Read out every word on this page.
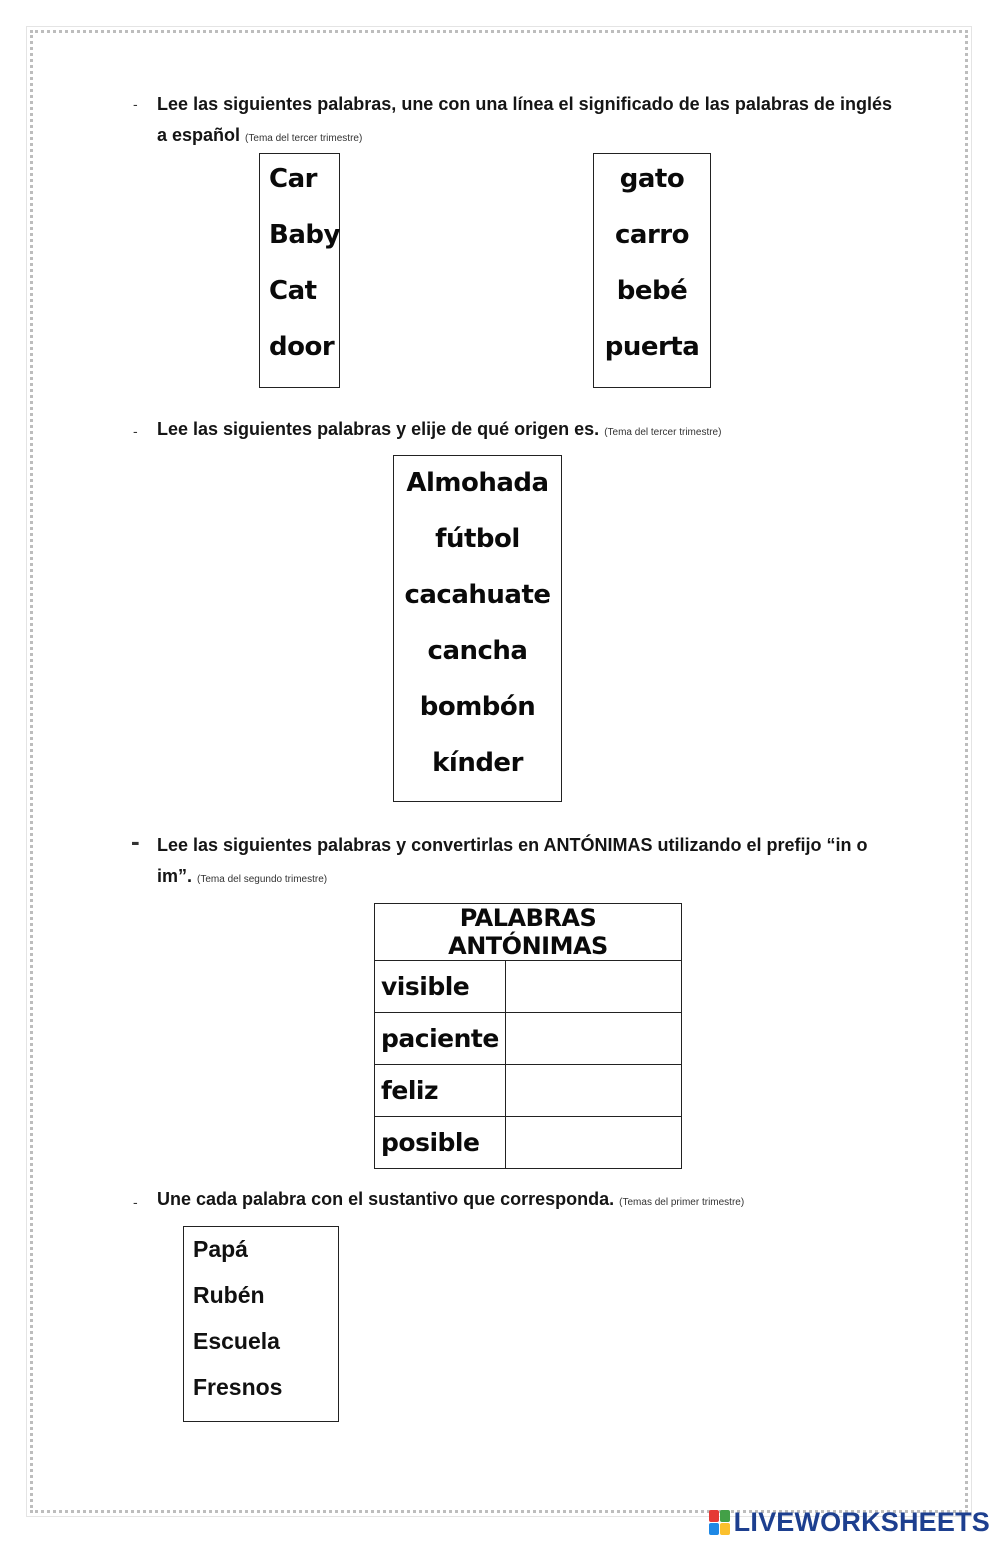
- Lee las siguientes palabras, une con una línea el significado de las palabras de inglés a español (Tema del tercer trimestre)
Car
Baby
Cat
door
gato
carro
bebé
puerta
- Lee las siguientes palabras y elije de qué origen es. (Tema del tercer trimestre)
Almohada
fútbol
cacahuate
cancha
bombón
kínder
- Lee las siguientes palabras y convertirlas en ANTÓNIMAS utilizando el prefijo “in o im”. (Tema del segundo trimestre)
PALABRAS ANTÓNIMAS	
visible	
paciente	
feliz	
posible	
- Une cada palabra con el sustantivo que corresponda. (Temas del primer trimestre)
Papá
Rubén
Escuela
Fresnos
LIVEWORKSHEETS
